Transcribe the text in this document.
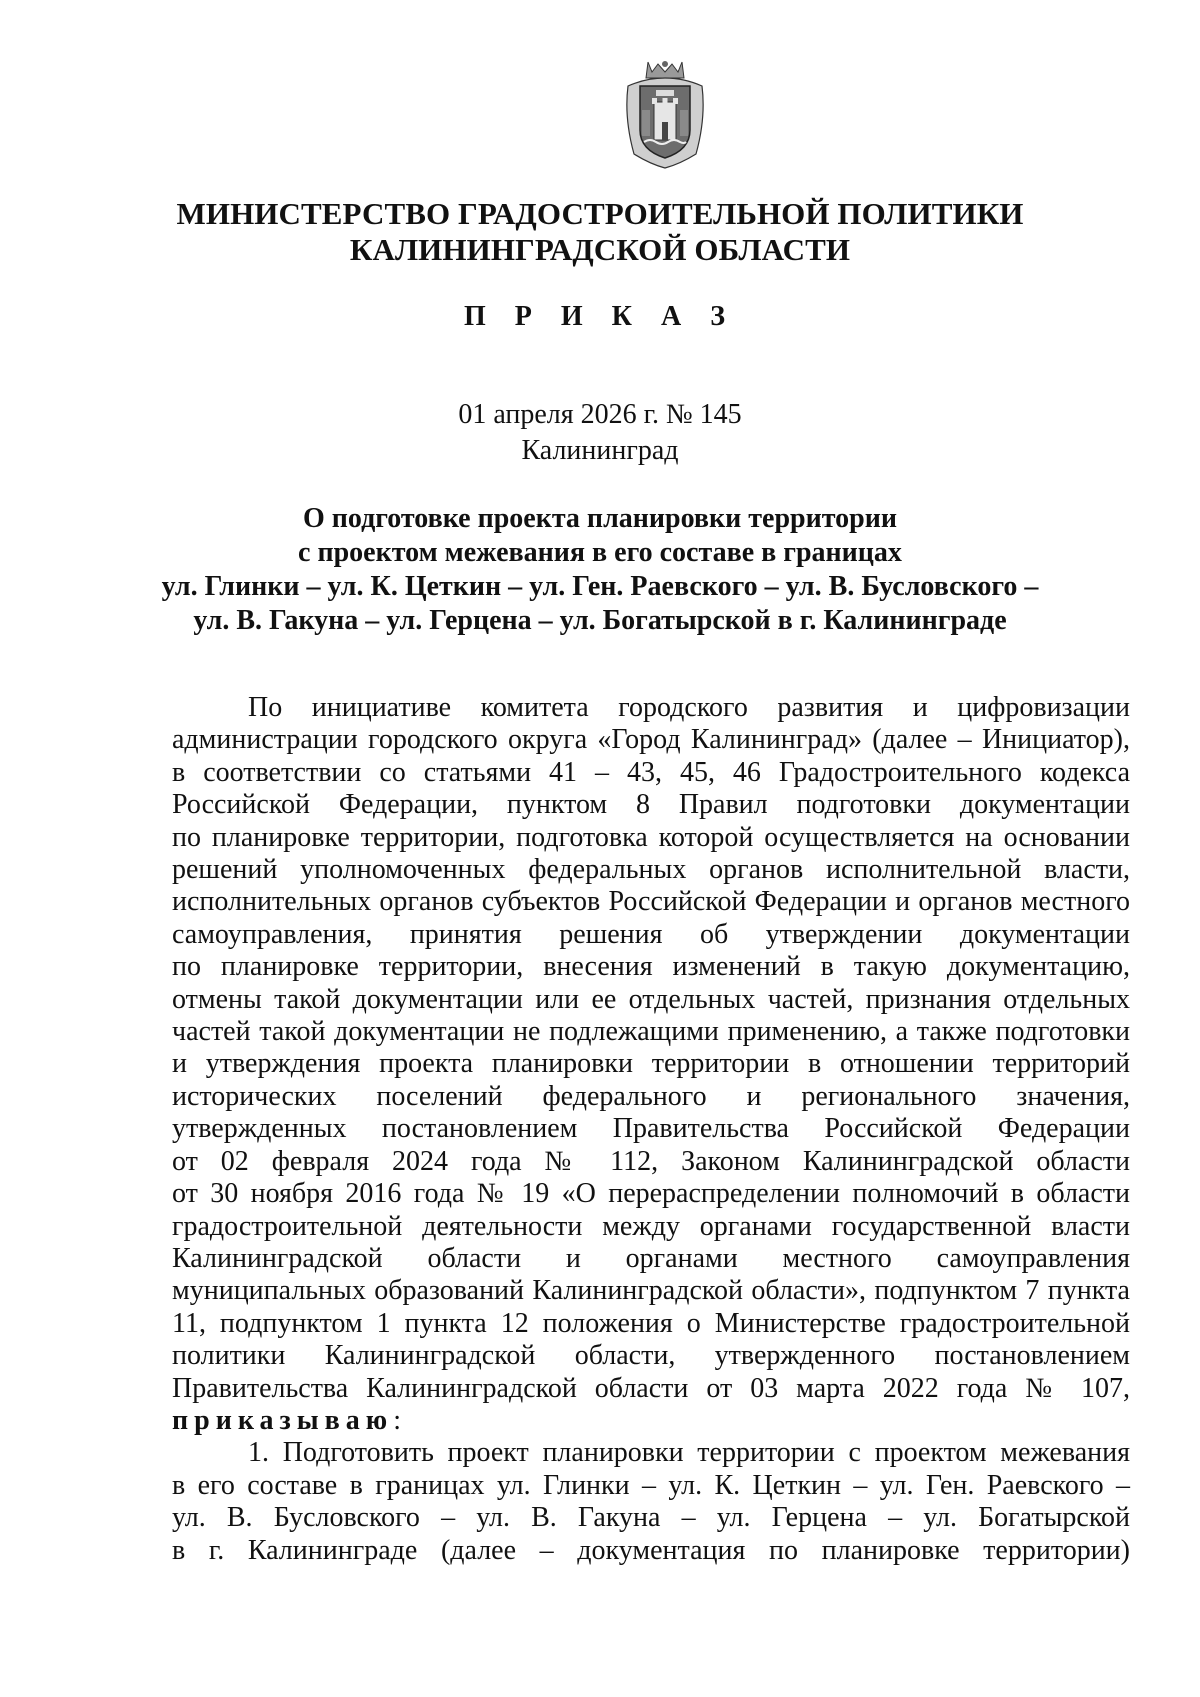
МИНИСТЕРСТВО ГРАДОСТРОИТЕЛЬНОЙ ПОЛИТИКИ
КАЛИНИНГРАДСКОЙ ОБЛАСТИ
П Р И К А З
01 апреля 2026 г. № 145
Калининград
О подготовке проекта планировки территории
с проектом межевания в его составе в границах
ул. Глинки – ул. К. Цеткин – ул. Ген. Раевского – ул. В. Бусловского –
ул. В. Гакуна – ул. Герцена – ул. Богатырской в г. Калининграде
По инициативе комитета городского развития и цифровизации
администрации городского округа «Город Калининград» (далее – Инициатор),
в соответствии со статьями 41 – 43, 45, 46 Градостроительного кодекса
Российской Федерации, пунктом 8 Правил подготовки документации
по планировке территории, подготовка которой осуществляется на основании
решений уполномоченных федеральных органов исполнительной власти,
исполнительных органов субъектов Российской Федерации и органов местного
самоуправления, принятия решения об утверждении документации
по планировке территории, внесения изменений в такую документацию,
отмены такой документации или ее отдельных частей, признания отдельных
частей такой документации не подлежащими применению, а также подготовки
и утверждения проекта планировки территории в отношении территорий
исторических поселений федерального и регионального значения,
утвержденных постановлением Правительства Российской Федерации
от 02 февраля 2024 года № 112, Законом Калининградской области
от 30 ноября 2016 года № 19 «О перераспределении полномочий в области
градостроительной деятельности между органами государственной власти
Калининградской области и органами местного самоуправления
муниципальных образований Калининградской области», подпунктом 7 пункта
11, подпунктом 1 пункта 12 положения о Министерстве градостроительной
политики Калининградской области, утвержденного постановлением
Правительства Калининградской области от 03 марта 2022 года № 107,
приказываю:
1. Подготовить проект планировки территории с проектом межевания
в его составе в границах ул. Глинки – ул. К. Цеткин – ул. Ген. Раевского –
ул. В. Бусловского – ул. В. Гакуна – ул. Герцена – ул. Богатырской
в г. Калининграде (далее – документация по планировке территории)
